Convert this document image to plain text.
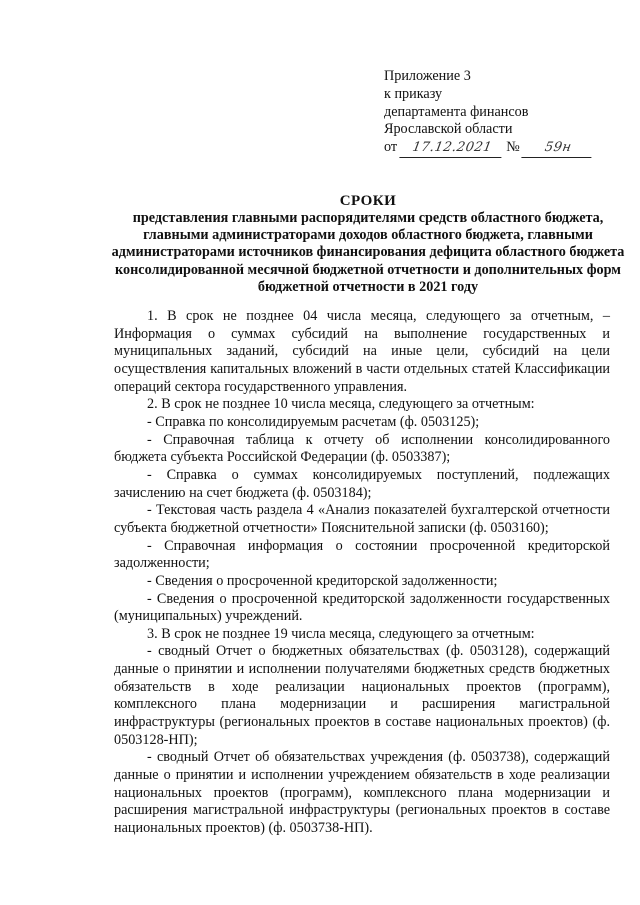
Приложение 3
к приказу
департамента финансов
Ярославской области
от 17.12.2021 № 59н
СРОКИ
представления главными распорядителями средств областного бюджета, главными администраторами доходов областного бюджета, главными администраторами источников финансирования дефицита областного бюджета консолидированной месячной бюджетной отчетности и дополнительных форм бюджетной отчетности в 2021 году

1. В срок не позднее 04 числа месяца, следующего за отчетным, – Информация о суммах субсидий на выполнение государственных и муниципальных заданий, субсидий на иные цели, субсидий на цели осуществления капитальных вложений в части отдельных статей Классификации операций сектора государственного управления.

2. В срок не позднее 10 числа месяца, следующего за отчетным:

- Справка по консолидируемым расчетам (ф. 0503125);

- Справочная таблица к отчету об исполнении консолидированного бюджета субъекта Российской Федерации (ф. 0503387);

- Справка о суммах консолидируемых поступлений, подлежащих зачислению на счет бюджета (ф. 0503184);

- Текстовая часть раздела 4 «Анализ показателей бухгалтерской отчетности субъекта бюджетной отчетности» Пояснительной записки (ф. 0503160);

- Справочная информация о состоянии просроченной кредиторской задолженности;

- Сведения о просроченной кредиторской задолженности;

- Сведения о просроченной кредиторской задолженности государственных (муниципальных) учреждений.

3. В срок не позднее 19 числа месяца, следующего за отчетным:

- сводный Отчет о бюджетных обязательствах (ф. 0503128), содержащий данные о принятии и исполнении получателями бюджетных средств бюджетных обязательств в ходе реализации национальных проектов (программ), комплексного плана модернизации и расширения магистральной инфраструктуры (региональных проектов в составе национальных проектов) (ф. 0503128-НП);

- сводный Отчет об обязательствах учреждения (ф. 0503738), содержащий данные о принятии и исполнении учреждением обязательств в ходе реализации национальных проектов (программ), комплексного плана модернизации и расширения магистральной инфраструктуры (региональных проектов в составе национальных проектов) (ф. 0503738-НП).
